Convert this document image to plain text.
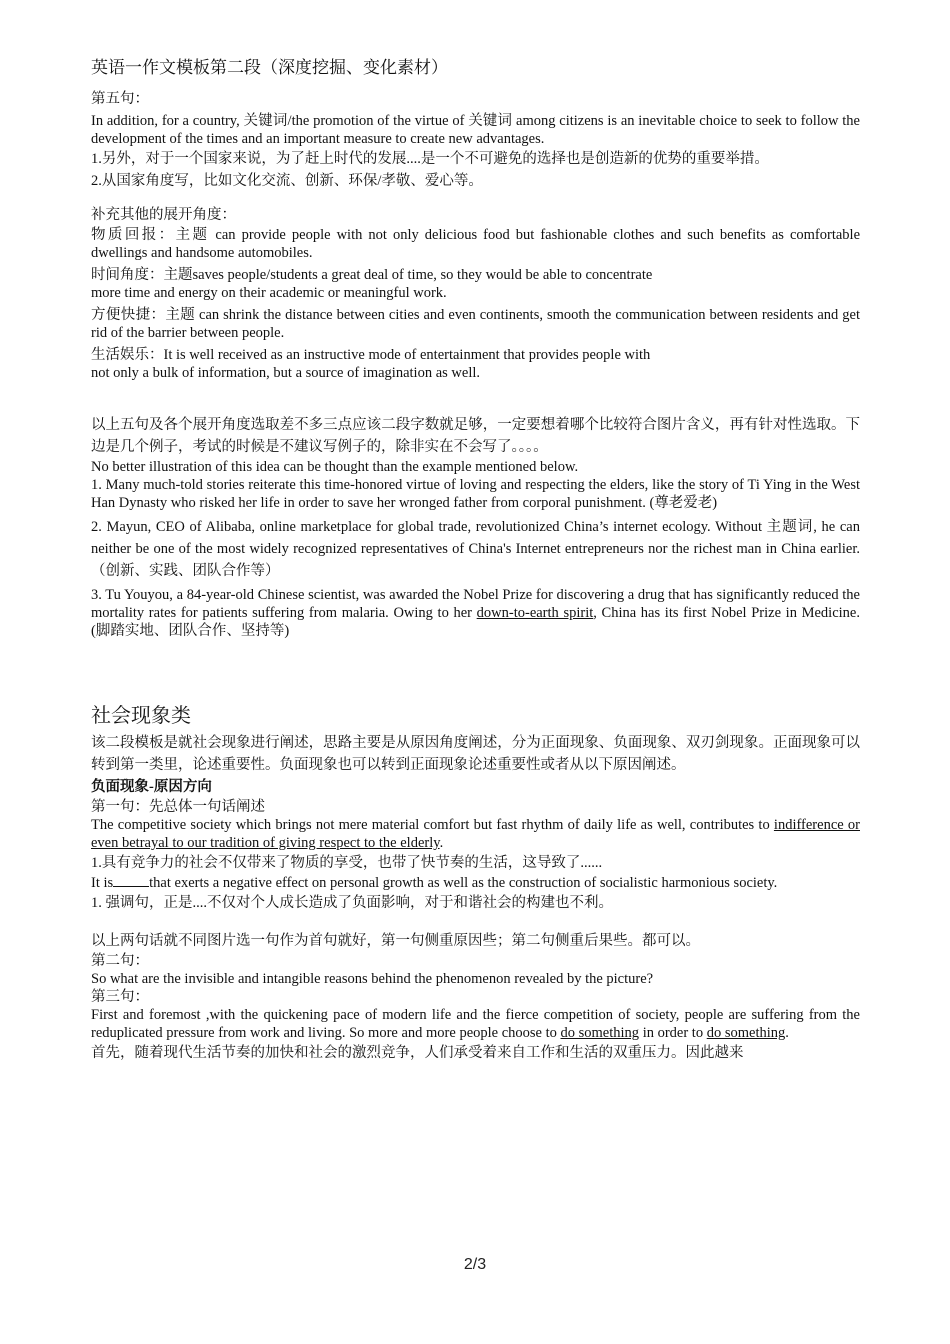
英语一作文模板第二段（深度挖掘、变化素材）

第五句：

In addition, for a country, 关键词/the promotion of the virtue of 关键词 among citizens is an inevitable choice to seek to follow the development of the times and an important measure to create new advantages.

1.另外，对于一个国家来说，为了赶上时代的发展....是一个不可避免的选择也是创造新的优势的重要举措。

2.从国家角度写，比如文化交流、创新、环保/孝敬、爱心等。

补充其他的展开角度：

物质回报：主题 can provide people with not only delicious food but fashionable clothes and such benefits as comfortable dwellings and handsome automobiles.

时间角度：主题saves people/students a great deal of time, so they would be able to concentrate
more time and energy on their academic or meaningful work.

方便快捷：主题 can shrink the distance between cities and even continents, smooth the communication between residents and get rid of the barrier between people.

生活娱乐：It is well received as an instructive mode of entertainment that provides people with
not only a bulk of information, but a source of imagination as well.

以上五句及各个展开角度选取差不多三点应该二段字数就足够，一定要想着哪个比较符合图片含义，再有针对性选取。下边是几个例子，考试的时候是不建议写例子的，除非实在不会写了。。。。

No better illustration of this idea can be thought than the example mentioned below.

1. Many much-told stories reiterate this time-honored virtue of loving and respecting the elders, like the story of Ti Ying in the West Han Dynasty who risked her life in order to save her wronged father from corporal punishment. (尊老爱老)

2. Mayun, CEO of Alibaba, online marketplace for global trade, revolutionized China’s internet ecology. Without 主题词, he can neither be one of the most widely recognized representatives of China's Internet entrepreneurs nor the richest man in China earlier.（创新、实践、团队合作等）

3. Tu Youyou, a 84-year-old Chinese scientist, was awarded the Nobel Prize for discovering a drug that has significantly reduced the mortality rates for patients suffering from malaria. Owing to her down-to-earth spirit, China has its first Nobel Prize in Medicine. (脚踏实地、团队合作、坚持等)

社会现象类

该二段模板是就社会现象进行阐述，思路主要是从原因角度阐述，分为正面现象、负面现象、双刃剑现象。正面现象可以转到第一类里，论述重要性。负面现象也可以转到正面现象论述重要性或者从以下原因阐述。

负面现象-原因方向

第一句：先总体一句话阐述

The competitive society which brings not mere material comfort but fast rhythm of daily life as well, contributes to indifference or even betrayal to our tradition of giving respect to the elderly.

1.具有竞争力的社会不仅带来了物质的享受，也带了快节奏的生活，这导致了......

It is that exerts a negative effect on personal growth as well as the construction of socialistic harmonious society.

1. 强调句，正是....不仅对个人成长造成了负面影响，对于和谐社会的构建也不利。

以上两句话就不同图片选一句作为首句就好，第一句侧重原因些；第二句侧重后果些。都可以。

第二句：

So what are the invisible and intangible reasons behind the phenomenon revealed by the picture?

第三句：

First and foremost ,with the quickening pace of modern life and the fierce competition of society, people are suffering from the reduplicated pressure from work and living. So more and more people choose to do something in order to do something.

首先，随着现代生活节奏的加快和社会的激烈竞争，人们承受着来自工作和生活的双重压力。因此越来

2/3
